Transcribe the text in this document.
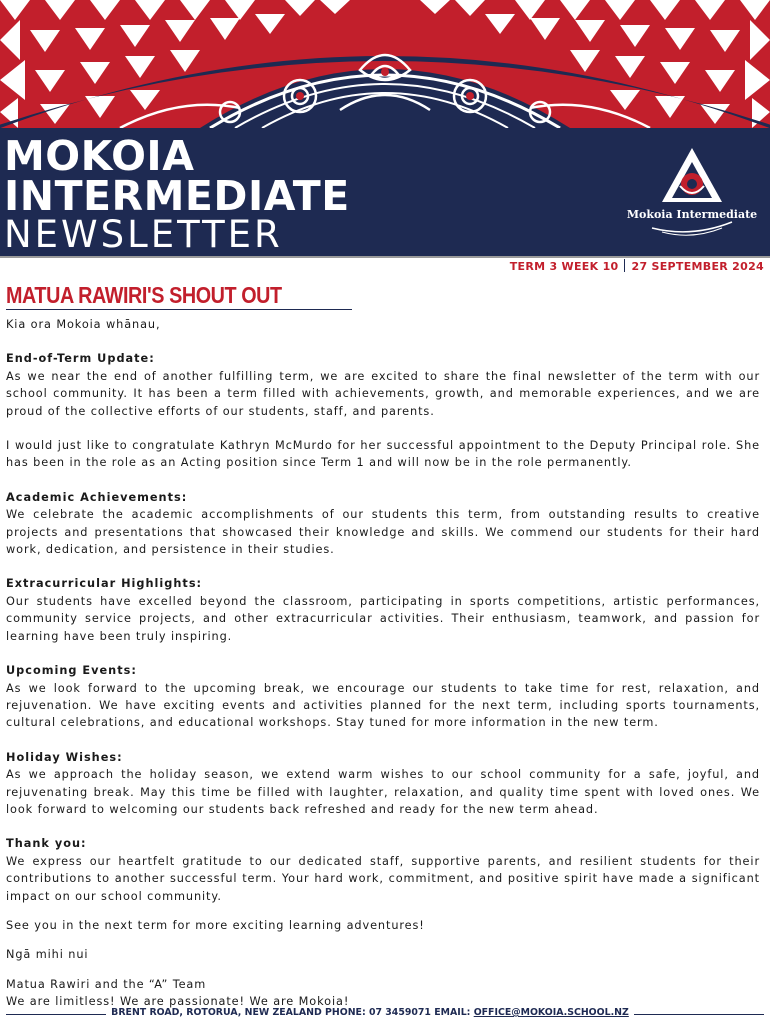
MOKOIA
INTERMEDIATE
NEWSLETTER	Mokoia Intermediate
TERM 3 WEEK 10 27 SEPTEMBER 2024
MATUA RAWIRI'S SHOUT OUT

Kia ora Mokoia whānau,

End-of-Term Update:

As we near the end of another fulfilling term, we are excited to share the final newsletter of the term with our school community. It has been a term filled with achievements, growth, and memorable experiences, and we are proud of the collective efforts of our students, staff, and parents.

I would just like to congratulate Kathryn McMurdo for her successful appointment to the Deputy Principal role. She has been in the role as an Acting position since Term 1 and will now be in the role permanently.

Academic Achievements:

We celebrate the academic accomplishments of our students this term, from outstanding results to creative projects and presentations that showcased their knowledge and skills. We commend our students for their hard work, dedication, and persistence in their studies.

Extracurricular Highlights:

Our students have excelled beyond the classroom, participating in sports competitions, artistic performances, community service projects, and other extracurricular activities. Their enthusiasm, teamwork, and passion for learning have been truly inspiring.

Upcoming Events:

As we look forward to the upcoming break, we encourage our students to take time for rest, relaxation, and rejuvenation. We have exciting events and activities planned for the next term, including sports tournaments, cultural celebrations, and educational workshops. Stay tuned for more information in the new term.

Holiday Wishes:

As we approach the holiday season, we extend warm wishes to our school community for a safe, joyful, and rejuvenating break. May this time be filled with laughter, relaxation, and quality time spent with loved ones. We look forward to welcoming our students back refreshed and ready for the new term ahead.

Thank you:

We express our heartfelt gratitude to our dedicated staff, supportive parents, and resilient students for their contributions to another successful term. Your hard work, commitment, and positive spirit have made a significant impact on our school community.

See you in the next term for more exciting learning adventures!

Ngā mihi nui

Matua Rawiri and the “A” Team

We are limitless! We are passionate! We are Mokoia!

BRENT ROAD, ROTORUA, NEW ZEALAND PHONE: 07 3459071 EMAIL: OFFICE@MOKOIA.SCHOOL.NZ
